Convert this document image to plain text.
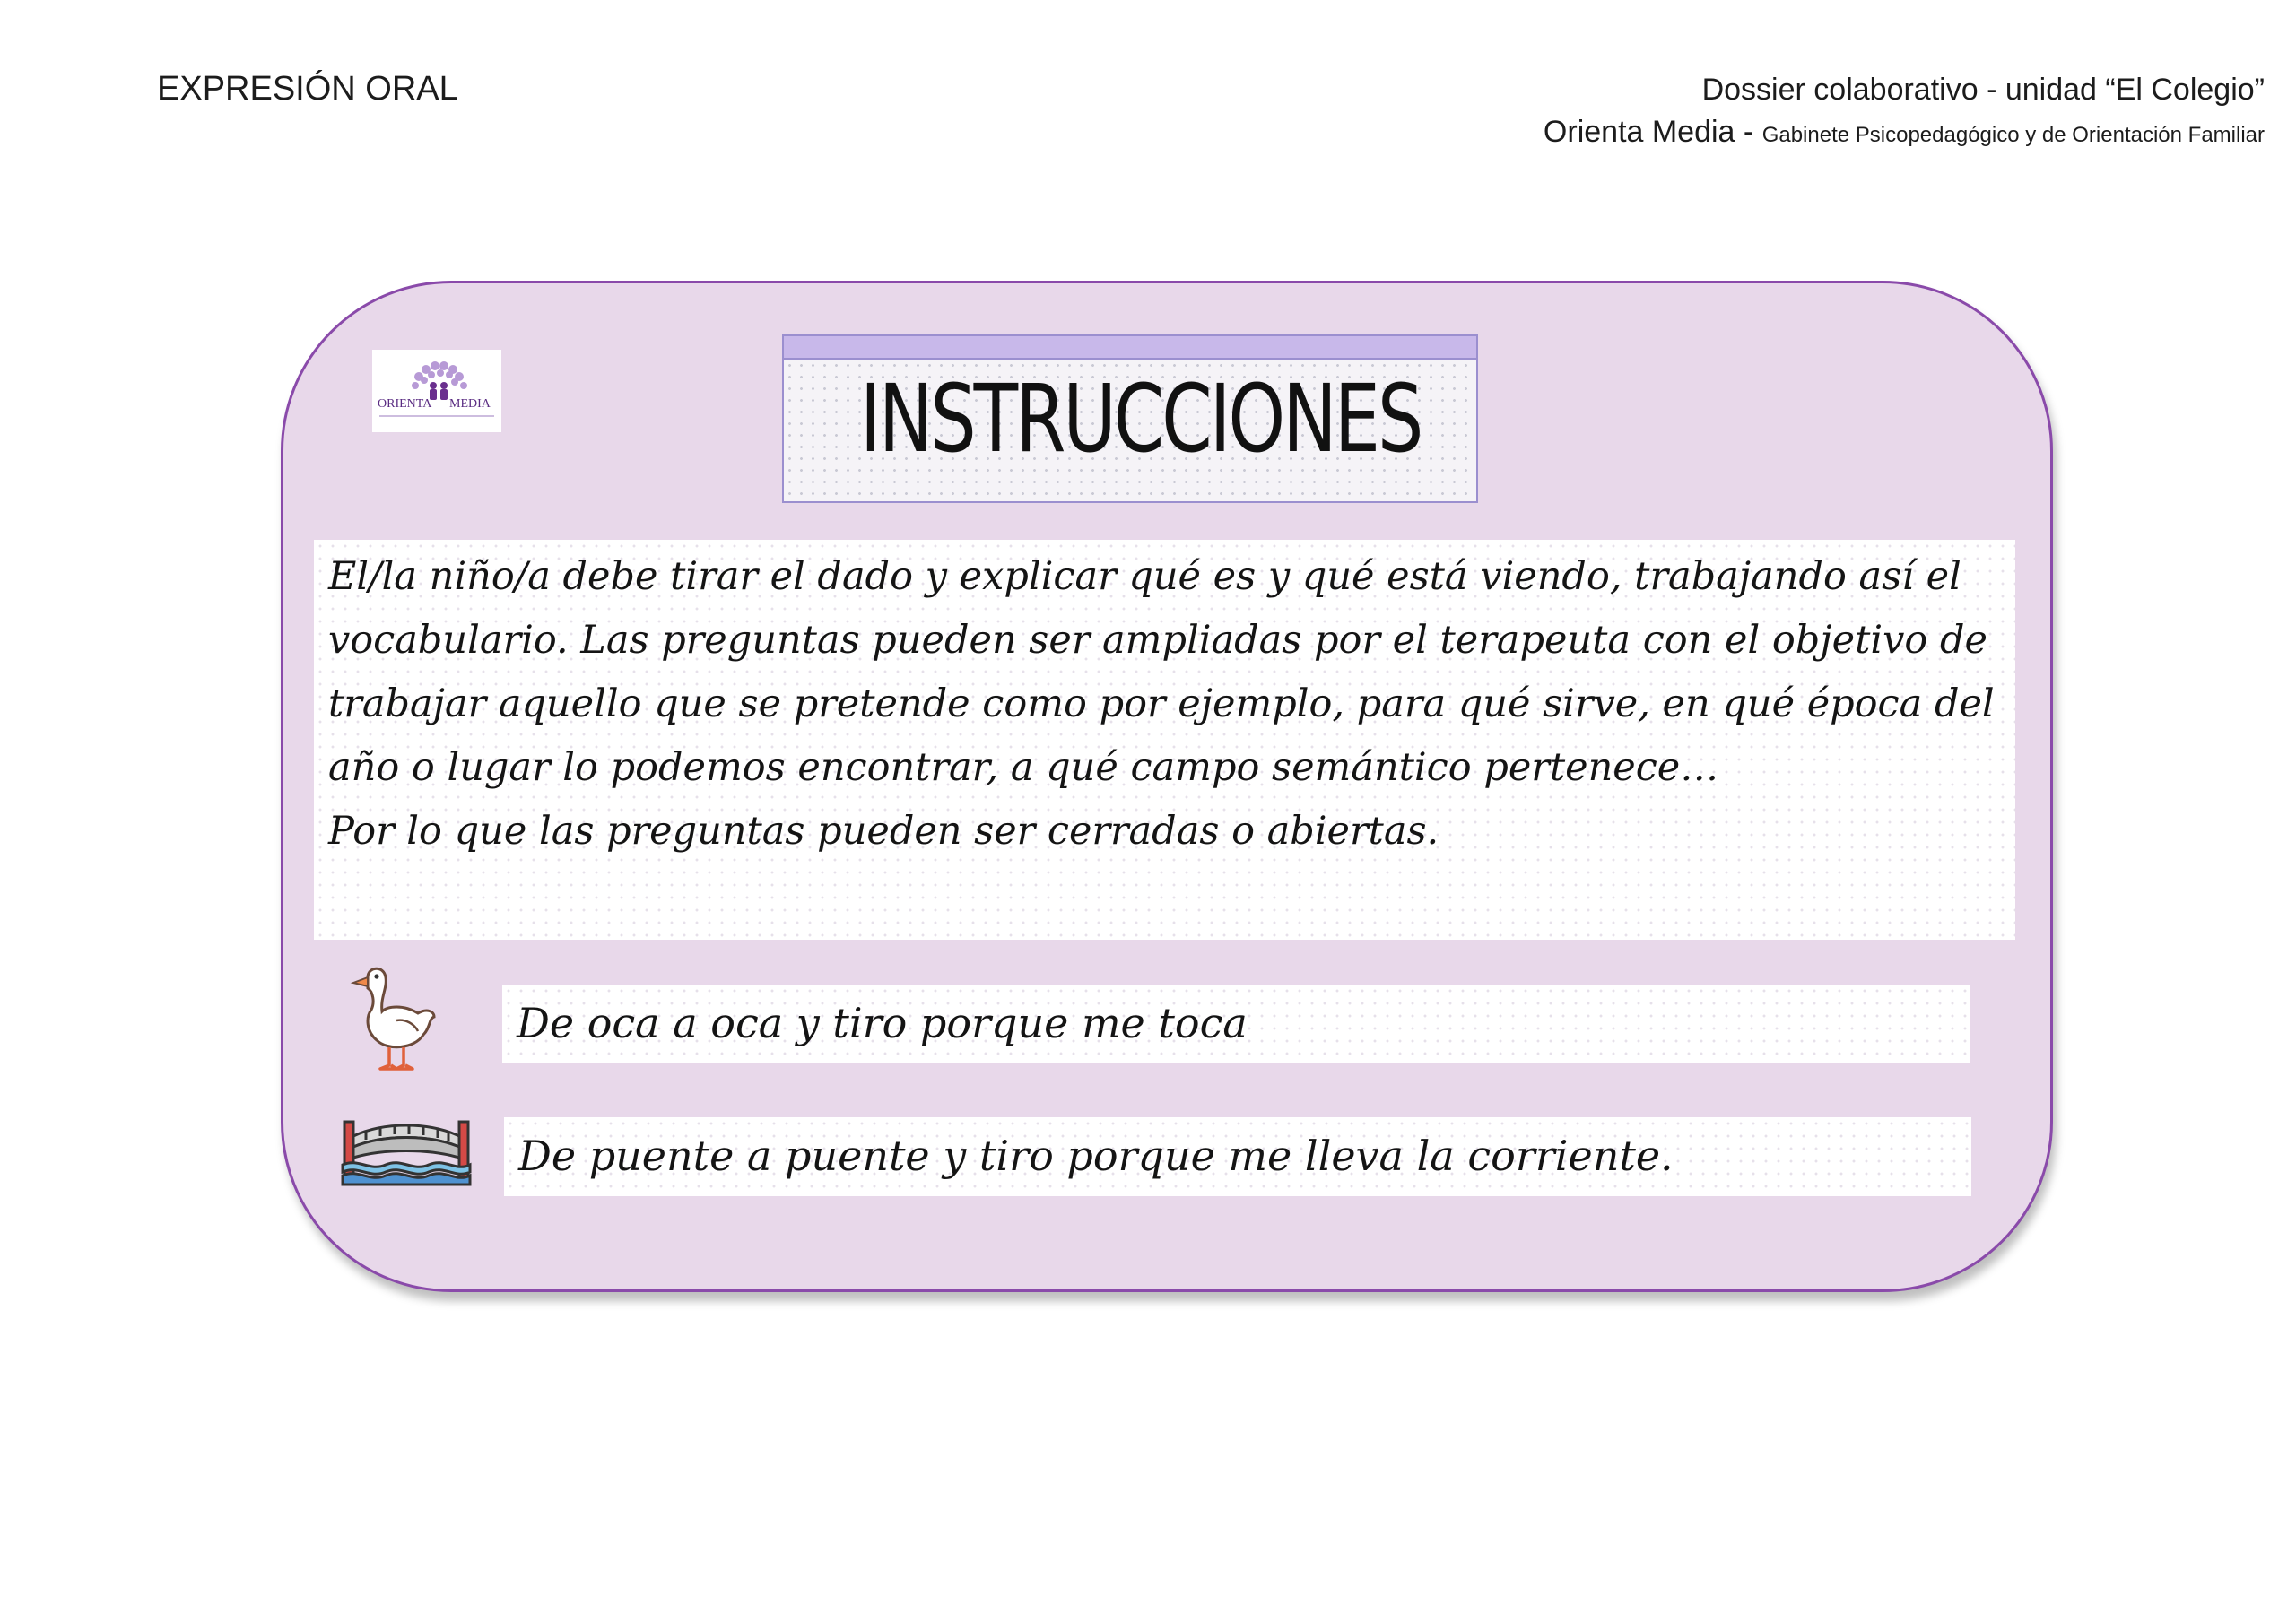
EXPRESIÓN ORAL	Dossier colaborativo - unidad “El Colegio”
Orienta Media - Gabinete Psicopedagógico y de Orientación Familiar
ORIENTA MEDIA	INSTRUCCIONES

El/la niño/a debe tirar el dado y explicar qué es y qué está viendo, trabajando así el vocabulario. Las preguntas pueden ser ampliadas por el terapeuta con el objetivo de trabajar aquello que se pretende como por ejemplo, para qué sirve, en qué época del año o lugar lo podemos encontrar, a qué campo semántico pertenece…

Por lo que las preguntas pueden ser cerradas o abiertas.

De oca a oca y tiro porque me toca
De puente a puente y tiro porque me lleva la corriente.
